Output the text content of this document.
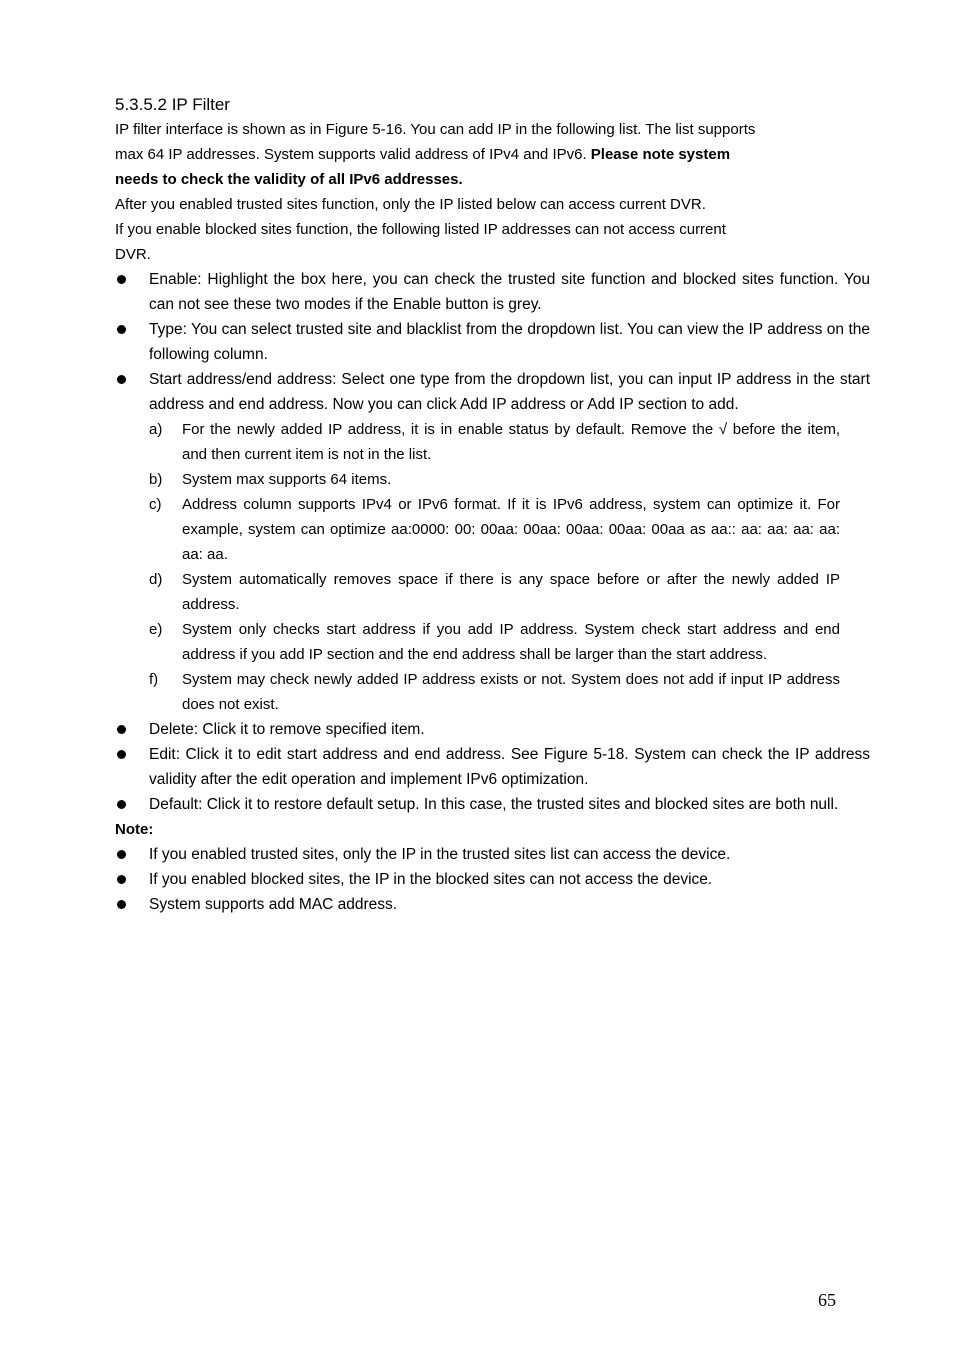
5.3.5.2 IP Filter

IP filter interface is shown as in Figure 5-16. You can add IP in the following list. The list supports

max 64 IP addresses. System supports valid address of IPv4 and IPv6. Please note system

needs to check the validity of all IPv6 addresses.

After you enabled trusted sites function, only the IP listed below can access current DVR.

If you enable blocked sites function, the following listed IP addresses can not access current

DVR.

Enable: Highlight the box here, you can check the trusted site function and blocked sites function. You can not see these two modes if the Enable button is grey.
Type: You can select trusted site and blacklist from the dropdown list. You can view the IP address on the following column.
Start address/end address: Select one type from the dropdown list, you can input IP address in the start address and end address. Now you can click Add IP address or Add IP section to add.
a) For the newly added IP address, it is in enable status by default. Remove the √ before the item, and then current item is not in the list.
b) System max supports 64 items.
c) Address column supports IPv4 or IPv6 format. If it is IPv6 address, system can optimize it. For example, system can optimize aa:0000: 00: 00aa: 00aa: 00aa: 00aa: 00aa as aa:: aa: aa: aa: aa: aa: aa.
d) System automatically removes space if there is any space before or after the newly added IP address.
e) System only checks start address if you add IP address. System check start address and end address if you add IP section and the end address shall be larger than the start address.
f) System may check newly added IP address exists or not. System does not add if input IP address does not exist.
Delete: Click it to remove specified item.
Edit: Click it to edit start address and end address. See Figure 5-18. System can check the IP address validity after the edit operation and implement IPv6 optimization.
Default: Click it to restore default setup. In this case, the trusted sites and blocked sites are both null.

Note:

If you enabled trusted sites, only the IP in the trusted sites list can access the device.
If you enabled blocked sites, the IP in the blocked sites can not access the device.
System supports add MAC address.
65
